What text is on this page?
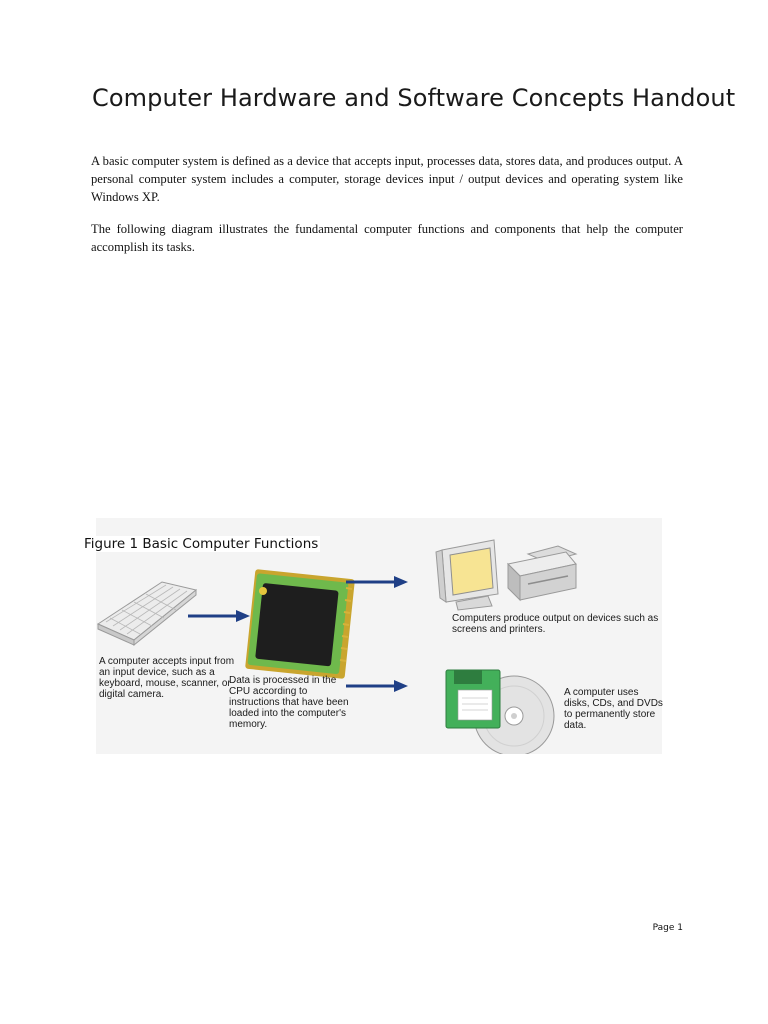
Computer Hardware and Software Concepts Handout

A basic computer system is defined as a device that accepts input, processes data, stores data, and produces output. A personal computer system includes a computer, storage devices input / output devices and operating system like Windows XP.

The following diagram illustrates the fundamental computer functions and components that help the computer accomplish its tasks.

A computer accepts input from an input device, such as a keyboard, mouse, scanner, or digital camera.

Data is processed in the CPU according to instructions that have been loaded into the computer's memory.

Computers produce output on devices such as screens and printers.

A computer uses disks, CDs, and DVDs to permanently store data.

Figure 1 Basic Computer Functions
Page 1
